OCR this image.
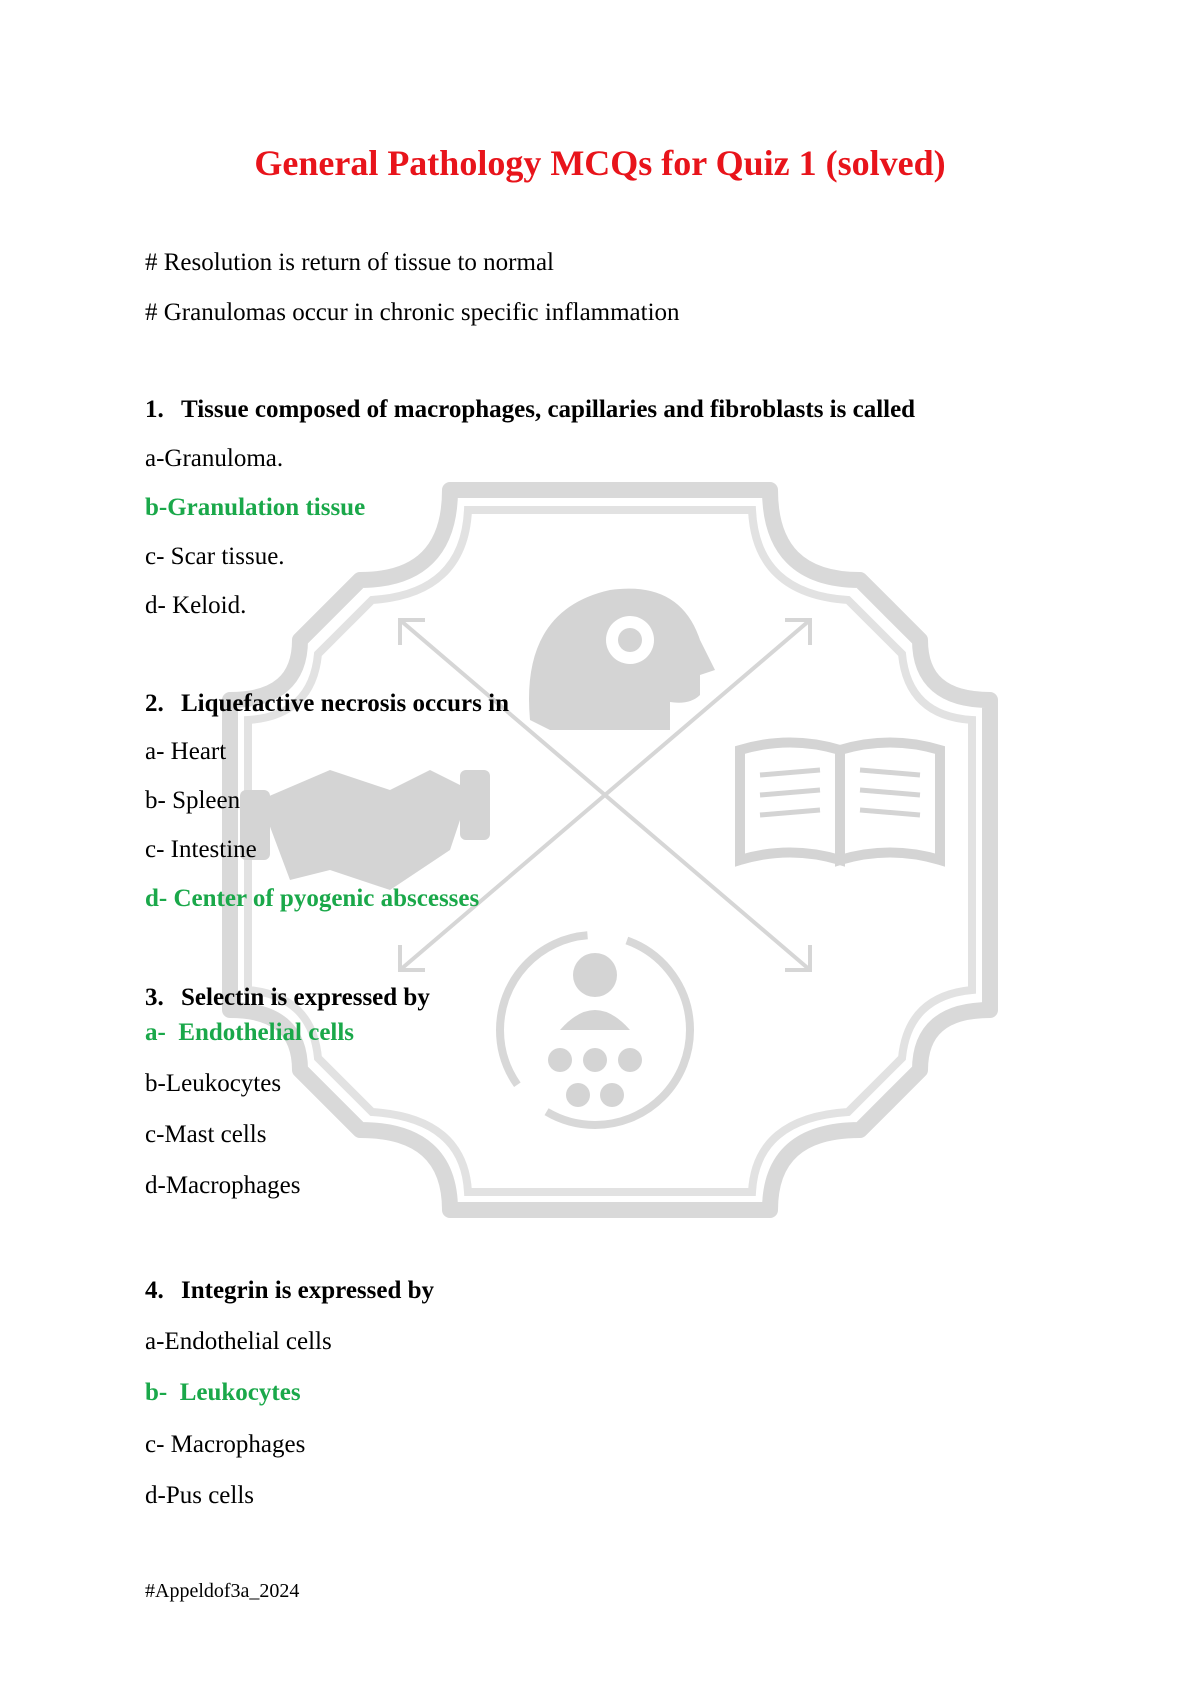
General Pathology MCQs for Quiz 1 (solved)
# Resolution is return of tissue to normal
# Granulomas occur in chronic specific inflammation
1. Tissue composed of macrophages, capillaries and fibroblasts is called
a-Granuloma.
b-Granulation tissue
c- Scar tissue.
d- Keloid.
2. Liquefactive necrosis occurs in
a- Heart
b- Spleen
c- Intestine
d- Center of pyogenic abscesses
3. Selectin is expressed by
a-  Endothelial cells
b-Leukocytes
c-Mast cells
d-Macrophages
4. Integrin is expressed by
a-Endothelial cells
b-  Leukocytes
c- Macrophages
d-Pus cells
#Appeldof3a_2024
